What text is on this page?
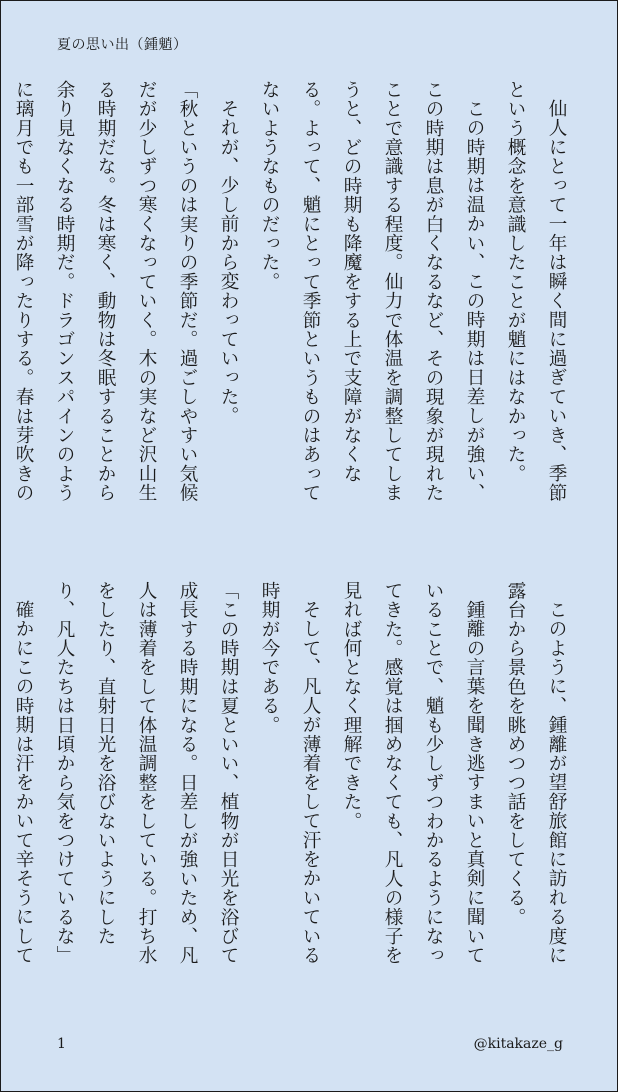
夏の思い出（鍾魈）

仙人にとって一年は瞬く間に過ぎていき、季節という概念を意識したことが魈にはなかった。

この時期は温かい、この時期は日差しが強い、この時期は息が白くなるなど、その現象が現れたことで意識する程度。仙力で体温を調整してしまうと、どの時期も降魔をする上で支障がなくなる。よって、魈にとって季節というものはあってないようなものだった。

それが、少し前から変わっていった。

「秋というのは実りの季節だ。過ごしやすい気候だが少しずつ寒くなっていく。木の実など沢山生る時期だな。冬は寒く、動物は冬眠することから余り見なくなる時期だ。ドラゴンスパインのように璃月でも一部雪が降ったりする。春は芽吹きの

このように、鍾離が望舒旅館に訪れる度に露台から景色を眺めつつ話をしてくる。

鍾離の言葉を聞き逃すまいと真剣に聞いていることで、魈も少しずつわかるようになってきた。感覚は掴めなくても、凡人の様子を見れば何となく理解できた。

そして、凡人が薄着をして汗をかいている時期が今である。

「この時期は夏といい、植物が日光を浴びて成長する時期になる。日差しが強いため、凡人は薄着をして体温調整をしている。打ち水をしたり、直射日光を浴びないようにしたり、凡人たちは日頃から気をつけているな」

確かにこの時期は汗をかいて辛そうにして

1	@kitakaze_g
